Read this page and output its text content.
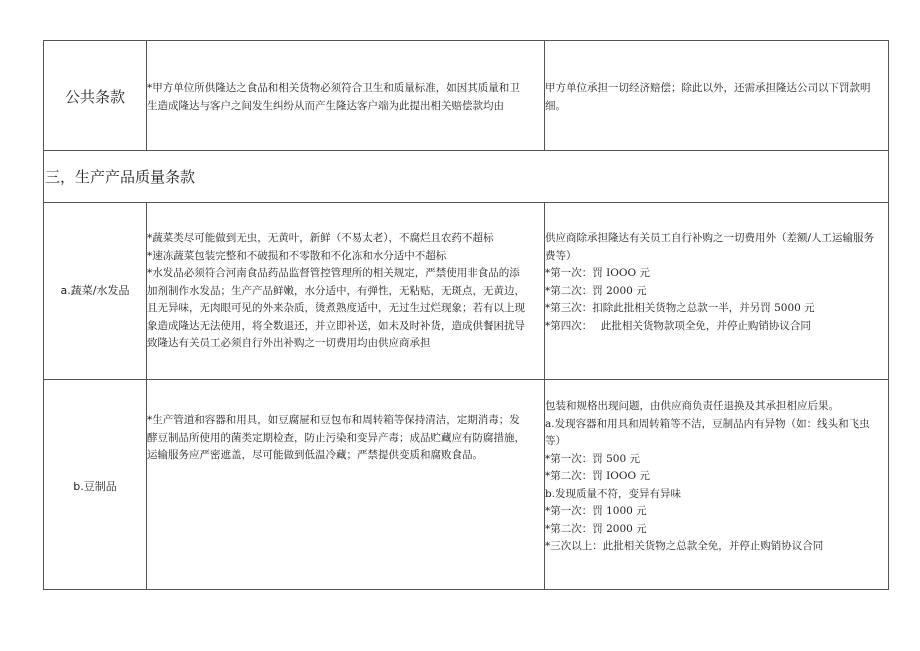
公共条款	*甲方单位所供隆达之食品和相关货物必须符合卫生和质量标准，如因其质量和卫

生造成隆达与客户之间发生纠纷从而产生隆达客户端为此提出相关赔偿款均由

甲方单位承担一切经济赔偿；除此以外，还需承担隆达公司以下罚款明

细。

三，生产产品质量条款
a.蔬菜/水发品

*蔬菜类尽可能做到无虫，无黄叶，新鲜（不易太老），不腐烂且农药不超标

*速冻蔬菜包装完整和不破损和不零散和不化冻和水分适中不超标

*水发品必须符合河南食品药品监督管控管理所的相关规定，严禁使用非食品的添

加剂制作水发品；生产产品鲜嫩，水分适中，有弹性，无粘贴，无斑点，无黄边，

且无异味，无肉眼可见的外来杂质，烫煮熟度适中，无过生过烂现象；若有以上现

象造成隆达无法使用，将全数退还，并立即补送，如未及时补货，造成供餐困扰导

致隆达有关员工必须自行外出补购之一切费用均由供应商承担

供应商除承担隆达有关员工自行补购之一切费用外（差额/人工运输服务

费等）

*第一次：罚 IOOO 元

*第二次：罚 2000 元

*第三次：扣除此批相关货物之总款一半，并另罚 5000 元

*第四次：　 此批相关货物款项全免，并停止购销协议合同

b.豆制品

*生产管道和容器和用具，如豆腐屉和豆包布和周转箱等保持清洁，定期消毒；发

酵豆制品所使用的菌类定期检查，防止污染和变异产毒；成品贮藏应有防腐措施，

运输服务应严密遮盖，尽可能做到低温冷藏；严禁提供变质和腐败食品。

包装和规格出现问题，由供应商负责任退换及其承担相应后果。

a.发现容器和用具和周转箱等不洁，豆制品内有异物（如：线头和飞虫

等）

*第一次：罚 500 元

*第二次：罚 IOOO 元

b.发现质量不符，变异有异味

*第一次：罚 1000 元

*第二次：罚 2000 元

*三次以上：此批相关货物之总款全免，并停止购销协议合同
